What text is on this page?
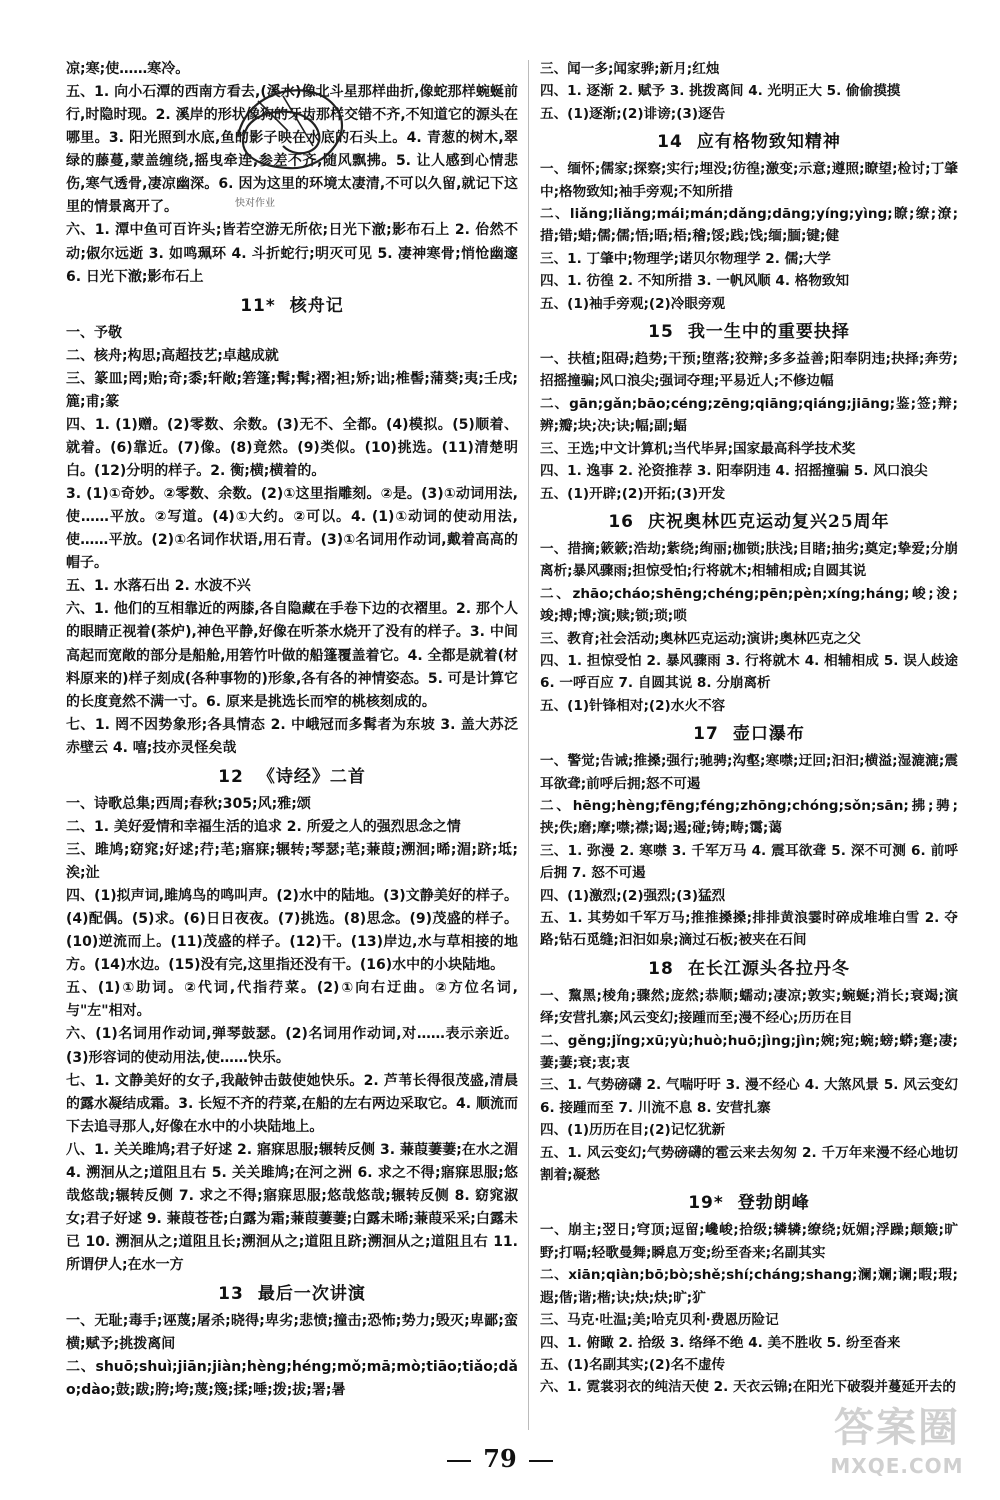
凉;寒;使……寒冷。

五、1. 向小石潭的西南方看去,(溪水)像北斗星那样曲折,像蛇那样蜿蜒前行,时隐时现。2. 溪岸的形状像狗的牙齿那样交错不齐,不知道它的源头在哪里。3. 阳光照到水底,鱼的影子映在水底的石头上。4. 青葱的树木,翠绿的藤蔓,蒙盖缠绕,摇曳牵连,参差不齐,随风飘拂。5. 让人感到心情悲伤,寒气透骨,凄凉幽深。6. 因为这里的环境太凄清,不可以久留,就记下这里的情景离开了。

六、1. 潭中鱼可百许头;皆若空游无所依;日光下澈;影布石上 2. 佁然不动;俶尔远逝 3. 如鸣珮环 4. 斗折蛇行;明灭可见 5. 凄神寒骨;悄怆幽邃 6. 日光下澈;影布石上

11* 核舟记

一、予敬

二、核舟;构思;高超技艺;卓越成就

三、篆皿;罔;贻;奇;黍;轩敞;箬篷;髯;髯;褶;袒;矫;诎;椎髻;蒲葵;夷;壬戌;簏;甫;篆

四、1. (1)赠。(2)零数、余数。(3)无不、全都。(4)模拟。(5)顺着、就着。(6)靠近。(7)像。(8)竟然。(9)类似。(10)挑选。(11)清楚明白。(12)分明的样子。2. 衡;横;横着的。

3. (1)①奇妙。②零数、余数。(2)①这里指雕刻。②是。(3)①动词用法,使……平放。②写道。(4)①大约。②可以。4. (1)①动词的使动用法,使……平放。(2)①名词作状语,用石青。(3)①名词用作动词,戴着高高的帽子。

五、1. 水落石出 2. 水波不兴

六、1. 他们的互相靠近的两膝,各自隐藏在手卷下边的衣褶里。2. 那个人的眼睛正视着(茶炉),神色平静,好像在听茶水烧开了没有的样子。3. 中间高起而宽敞的部分是船舱,用箬竹叶做的船篷覆盖着它。4. 全都是就着(材料原来的)样子刻成(各种事物的)形象,各有各的神情姿态。5. 可是计算它的长度竟然不满一寸。6. 原来是挑选长而窄的桃核刻成的。

七、1. 罔不因势象形;各具情态 2. 中峨冠而多髯者为东坡 3. 盖大苏泛赤壁云 4. 嘻;技亦灵怪矣哉

12 《诗经》二首

一、诗歌总集;西周;春秋;305;风;雅;颂

二、1. 美好爱情和幸福生活的追求 2. 所爱之人的强烈思念之情

三、雎鸠;窈窕;好逑;荇;芼;寤寐;辗转;琴瑟;芼;蒹葭;溯洄;晞;湄;跻;坻;涘;沚

四、(1)拟声词,雎鸠鸟的鸣叫声。(2)水中的陆地。(3)文静美好的样子。(4)配偶。(5)求。(6)日日夜夜。(7)挑选。(8)思念。(9)茂盛的样子。(10)逆流而上。(11)茂盛的样子。(12)干。(13)岸边,水与草相接的地方。(14)水边。(15)没有完,这里指还没有干。(16)水中的小块陆地。

五、(1)①助词。②代词,代指荇菜。(2)①向右迂曲。②方位名词,与"左"相对。

六、(1)名词用作动词,弹琴鼓瑟。(2)名词用作动词,对……表示亲近。(3)形容词的使动用法,使……快乐。

七、1. 文静美好的女子,我敲钟击鼓使她快乐。2. 芦苇长得很茂盛,清晨的露水凝结成霜。3. 长短不齐的荇菜,在船的左右两边采取它。4. 顺流而下去追寻那人,好像在水中的小块陆地上。

八、1. 关关雎鸠;君子好逑 2. 寤寐思服;辗转反侧 3. 蒹葭萋萋;在水之湄 4. 溯洄从之;道阻且右 5. 关关雎鸠;在河之洲 6. 求之不得;寤寐思服;悠哉悠哉;辗转反侧 7. 求之不得;寤寐思服;悠哉悠哉;辗转反侧 8. 窈窕淑女;君子好逑 9. 蒹葭苍苍;白露为霜;蒹葭萋萋;白露未晞;蒹葭采采;白露未已 10. 溯洄从之;道阻且长;溯洄从之;道阻且跻;溯洄从之;道阻且右 11. 所谓伊人;在水一方

13 最后一次讲演

一、无耻;毒手;诬蔑;屠杀;晓得;卑劣;悲愤;撞击;恐怖;势力;毁灭;卑鄙;蛮横;赋予;挑拨离间

二、shuō;shuì;jiān;jiàn;hèng;héng;mǒ;mā;mò;tiāo;tiǎo;dǎo;dào;鼓;跋;胯;垮;蔑;篾;揉;唾;拨;拔;署;暑

三、闻一多;闻家骅;新月;红烛

四、1. 逐渐 2. 赋予 3. 挑拨离间 4. 光明正大 5. 偷偷摸摸

五、(1)逐渐;(2)诽谤;(3)逐告

14 应有格物致知精神

一、缅怀;儒家;探察;实行;埋没;彷徨;激变;示意;遵照;瞭望;检讨;丁肇中;格物致知;袖手旁观;不知所措

二、liǎng;liǎng;mái;mán;dǎng;dāng;yíng;yìng;瞭;缭;潦;措;错;蜡;儒;儒;悟;晤;梧;稽;馁;践;饯;缅;腼;键;健

三、1. 丁肇中;物理学;诺贝尔物理学 2. 儒;大学

四、1. 彷徨 2. 不知所措 3. 一帆风顺 4. 格物致知

五、(1)袖手旁观;(2)冷眼旁观

15 我一生中的重要抉择

一、扶植;阻碍;趋势;干预;堕落;狡辩;多多益善;阳奉阴违;抉择;奔劳;招摇撞骗;风口浪尖;强词夺理;平易近人;不修边幅

二、gān;gǎn;bāo;céng;zēng;qiāng;qiáng;jiāng;鉴;签;辩;辨;瓣;块;决;诀;幅;副;蝠

三、王选;中文计算机;当代毕昇;国家最高科学技术奖

四、1. 逸事 2. 沦资推荐 3. 阳奉阴违 4. 招摇撞骗 5. 风口浪尖

五、(1)开辟;(2)开拓;(3)开发

16 庆祝奥林匹克运动复兴25周年

一、措摘;簌簌;浩劫;紫绕;绚丽;枷锁;肤浅;目睹;抽劣;奠定;挚爱;分崩离析;暴风骤雨;担惊受怕;行将就木;相辅相成;自圆其说

二、zhāo;cháo;shēng;chéng;pēn;pèn;xíng;háng;峻;浚;竣;搏;博;演;赎;锁;琐;唢

三、教育;社会活动;奥林匹克运动;演讲;奥林匹克之父

四、1. 担惊受怕 2. 暴风骤雨 3. 行将就木 4. 相辅相成 5. 误人歧途 6. 一呼百应 7. 自圆其说 8. 分崩离析

五、(1)针锋相对;(2)水火不容

17 壶口瀑布

一、警觉;告诫;推搡;强行;驰骋;沟壑;寒噤;迂回;汩汩;横溢;湿漉漉;震耳欲聋;前呼后拥;怒不可遏

二、hēng;hèng;fēng;féng;zhōng;chóng;sǒn;sān;拂;骋;挟;佚;磨;摩;噤;襟;谒;遏;碰;铸;畴;霭;蔼

三、1. 弥漫 2. 寒噤 3. 千军万马 4. 震耳欲聋 5. 深不可测 6. 前呼后拥 7. 怒不可遏

四、(1)激烈;(2)强烈;(3)猛烈

五、1. 其势如千军万马;推推搡搡;排排黄浪霎时碎成堆堆白雪 2. 夺路;钻石觅缝;汩汩如泉;滴过石板;被夹在石间

18 在长江源头各拉丹冬

一、黧黑;棱角;骤然;庞然;恭顺;蠕动;凄凉;敦实;蜿蜒;消长;衰竭;演绎;安营扎寨;风云变幻;接踵而至;漫不经心;历历在目

二、gěng;jǐng;xū;yù;huò;huō;jìng;jìn;婉;宛;蜿;螃;蟒;蹇;凄;萋;萋;衰;衷;衷

三、1. 气势磅礴 2. 气喘吁吁 3. 漫不经心 4. 大煞风景 5. 风云变幻 6. 接踵而至 7. 川流不息 8. 安营扎寨

四、(1)历历在目;(2)记忆犹新

五、1. 风云变幻;气势磅礴的雹云来去匆匆 2. 千万年来漫不经心地切割着;凝愁

19* 登勃朗峰

一、崩主;翌日;穹顶;逗留;巉峻;拾级;辚辚;缭绕;妩媚;浮躁;颠簸;旷野;打嗝;轻歌曼舞;瞬息万变;纷至沓来;名副其实

二、xiān;qiàn;bō;bò;shě;shí;cháng;shang;澜;斓;谰;暇;瑕;遐;偕;谐;楷;诀;炔;炔;旷;犷

三、马克·吐温;美;哈克贝利·费恩历险记

四、1. 俯瞰 2. 拾级 3. 络绎不绝 4. 美不胜收 5. 纷至沓来

五、(1)名副其实;(2)名不虚传

六、1. 霓裳羽衣的纯洁天使 2. 天衣云锦;在阳光下破裂并蔓延开去的

快对作业
79
答案圈
MXQE.COM
